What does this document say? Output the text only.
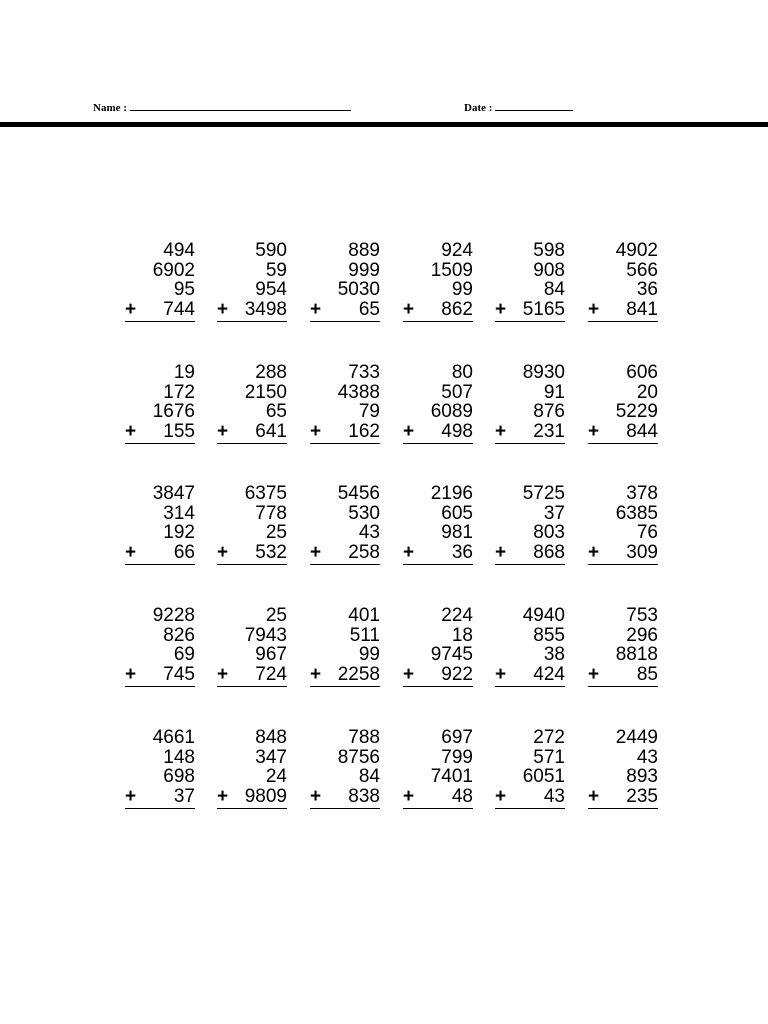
Name :	Date :
494
6902
95
+ 744
590
59
954
+ 3498
889
999
5030
+ 65
924
1509
99
+ 862
598
908
84
+ 5165
4902
566
36
+ 841
19
172
1676
+ 155
288
2150
65
+ 641
733
4388
79
+ 162
80
507
6089
+ 498
8930
91
876
+ 231
606
20
5229
+ 844
3847
314
192
+ 66
6375
778
25
+ 532
5456
530
43
+ 258
2196
605
981
+ 36
5725
37
803
+ 868
378
6385
76
+ 309
9228
826
69
+ 745
25
7943
967
+ 724
401
511
99
+ 2258
224
18
9745
+ 922
4940
855
38
+ 424
753
296
8818
+ 85
4661
148
698
+ 37
848
347
24
+ 9809
788
8756
84
+ 838
697
799
7401
+ 48
272
571
6051
+ 43
2449
43
893
+ 235
